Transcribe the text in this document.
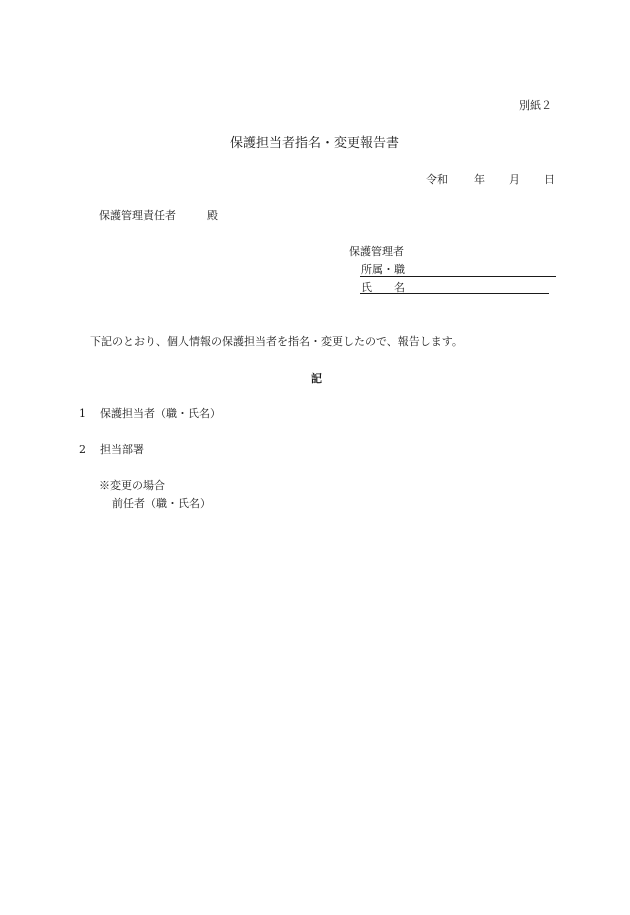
別紙２
保護担当者指名・変更報告書
令和 年 月 日
保護管理責任者	殿
保護管理者
所属・職
氏　　名
下記のとおり、個人情報の保護担当者を指名・変更したので、報告します。
記
1 保護担当者（職・氏名）
2 担当部署
※変更の場合
前任者（職・氏名）
